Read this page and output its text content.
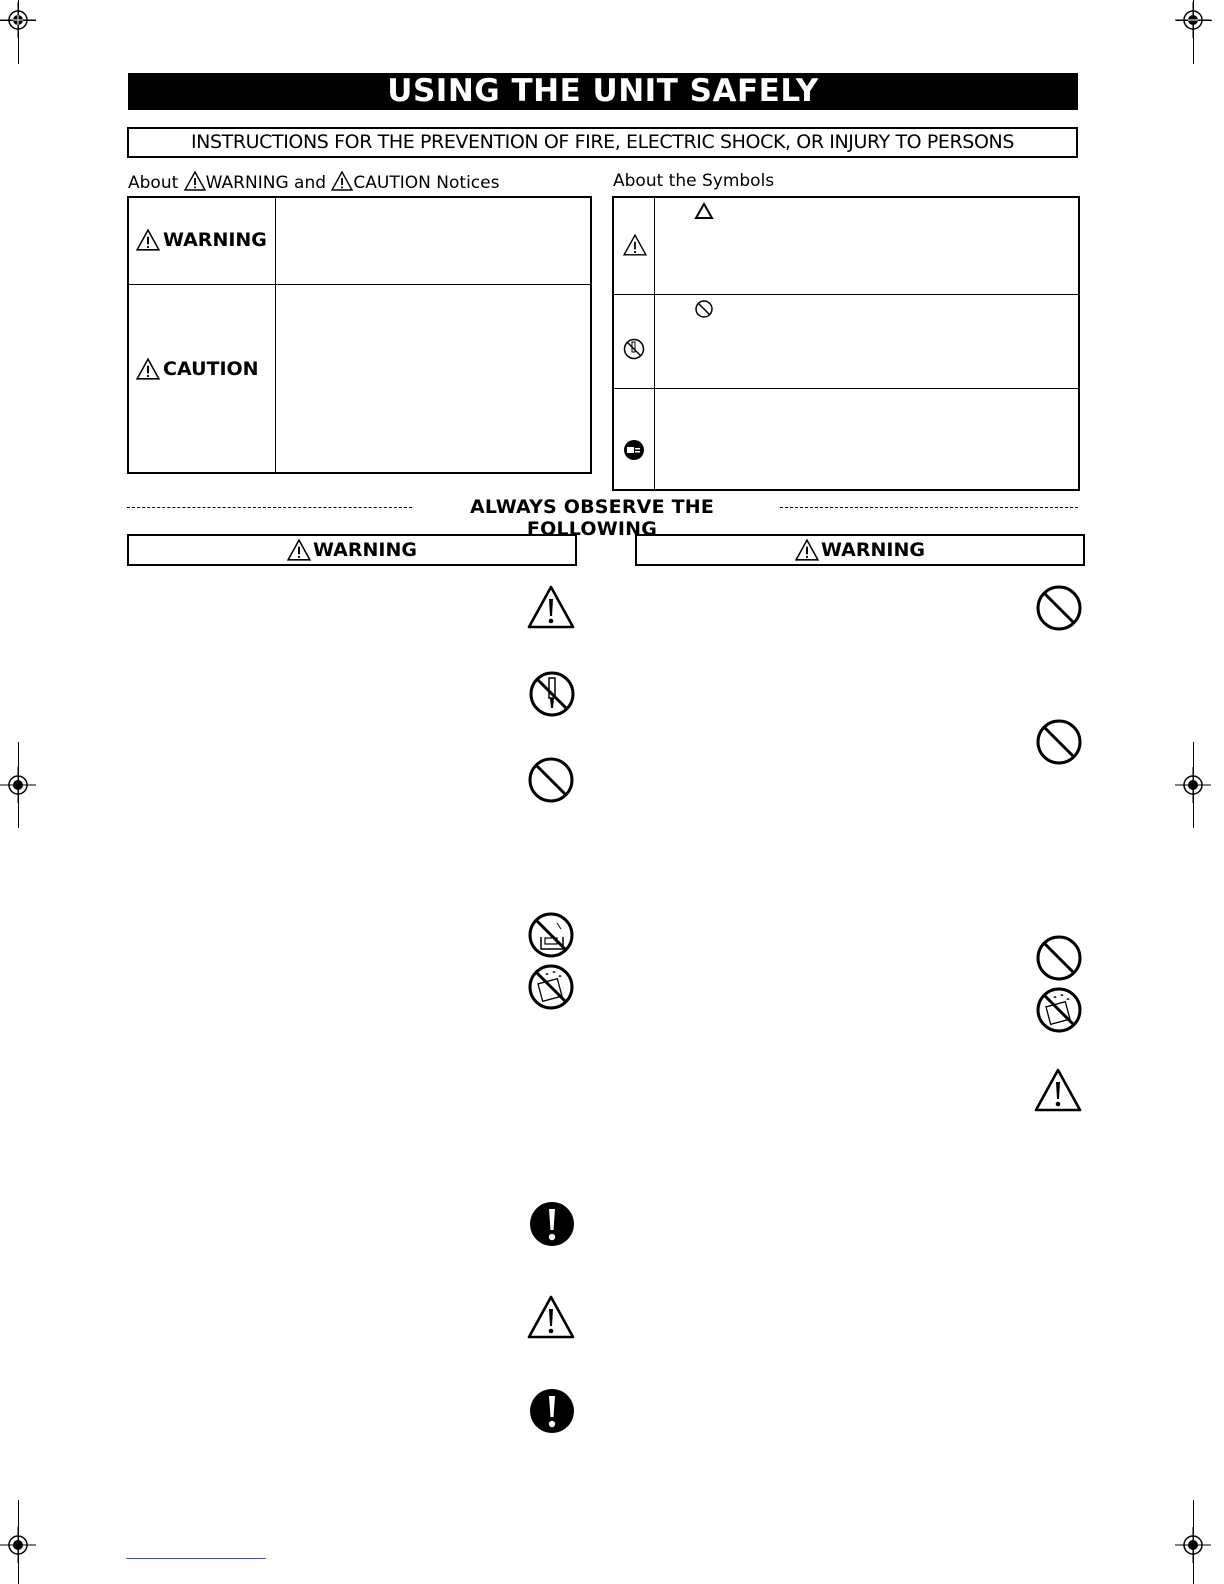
USING THE UNIT SAFELY
INSTRUCTIONS FOR THE PREVENTION OF FIRE, ELECTRIC SHOCK, OR INJURY TO PERSONS
About WARNING and CAUTION Notices
WARNING
CAUTION
About the Symbols
ALWAYS OBSERVE THE FOLLOWING
WARNING	WARNING
